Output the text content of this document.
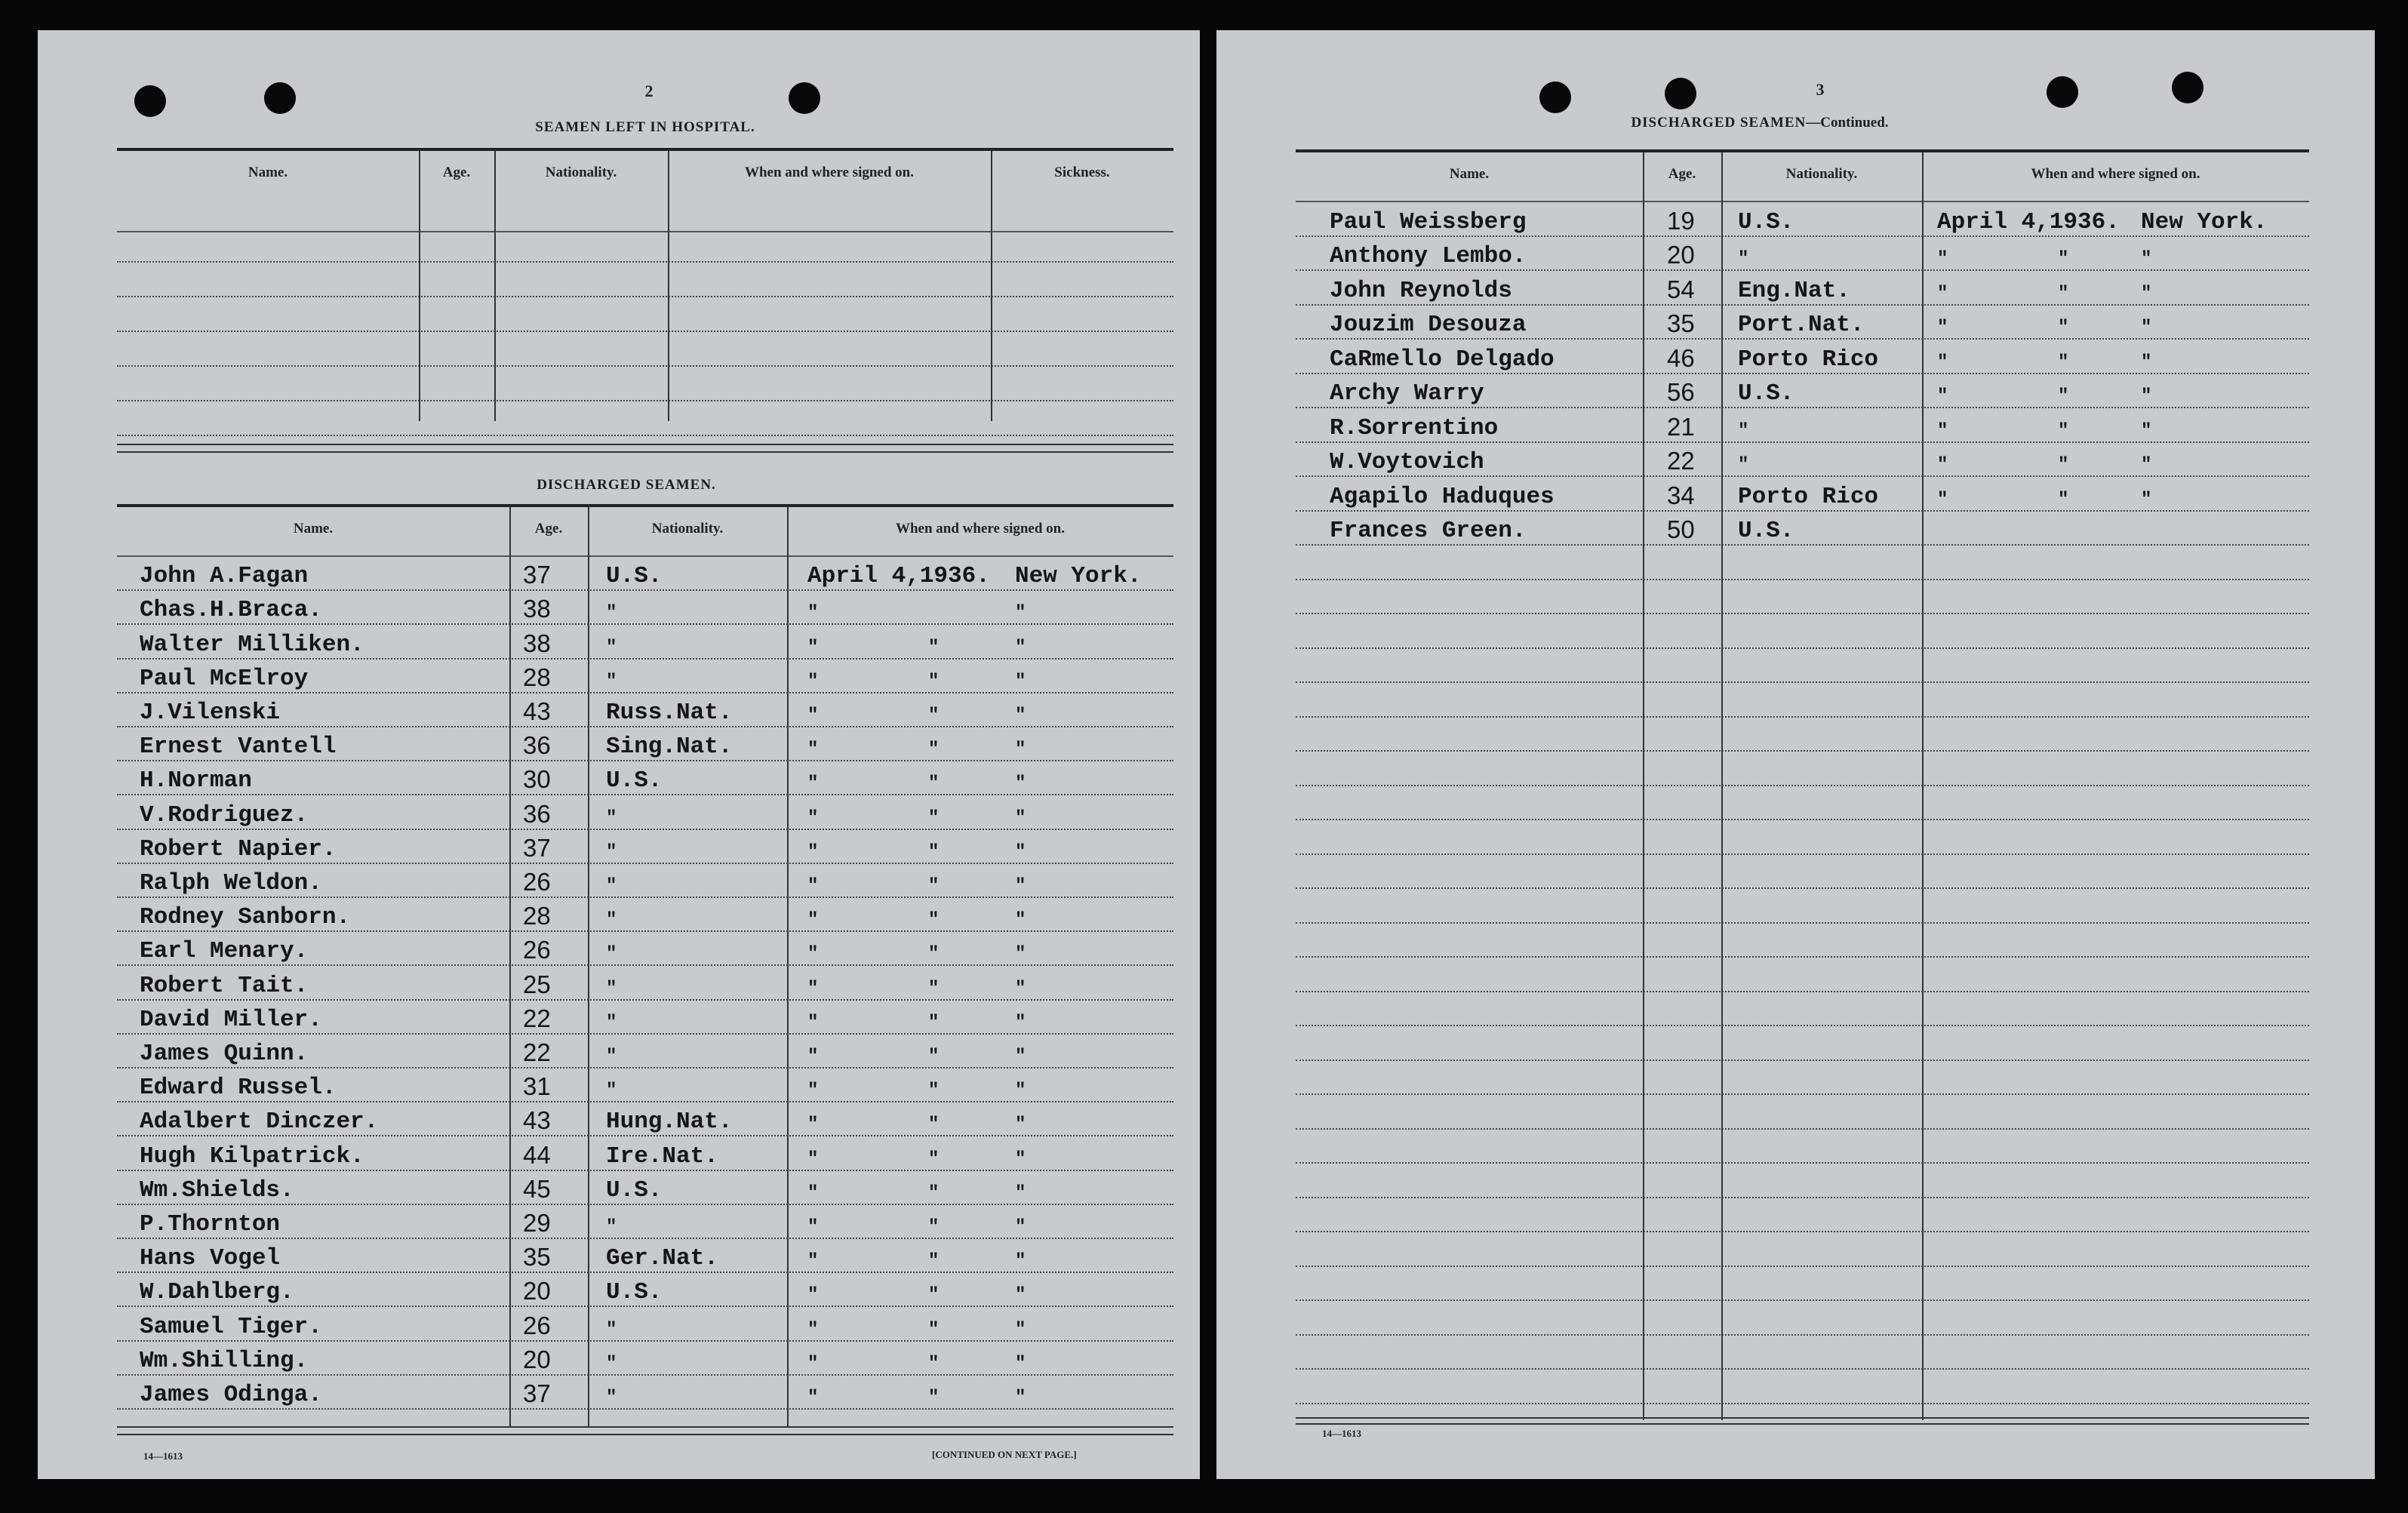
2
SEAMEN LEFT IN HOSPITAL.
Name.	Age.	Nationality.	When and where signed on.	Sickness.
DISCHARGED SEAMEN.
Name.	Age.	Nationality.	When and where signed on.
John A.Fagan	37 U.S.	April 4,1936. New York.
Chas.H.Braca.	38	"	"	"
Walter Milliken.	38	"	"	"	"
Paul McElroy	28	"	"	"	"
J.Vilenski	43 Russ.Nat.	"	"	"
Ernest Vantell	36 Sing.Nat.	"	"	"
H.Norman	30 U.S.	"	"	"
V.Rodriguez.	36	"	"	"	"
Robert Napier.	37	"	"	"	"
Ralph Weldon.	26	"	"	"	"
Rodney Sanborn.	28	"	"	"	"
Earl Menary.	26	"	"	"	"
Robert Tait.	25	"	"	"	"
David Miller.	22	"	"	"	"
James Quinn.	22	"	"	"	"
Edward Russel.	31	"	"	"	"
Adalbert Dinczer.	43 Hung.Nat.	"	"	"
Hugh Kilpatrick.	44 Ire.Nat.	"	"	"
Wm.Shields.	45 U.S.	"	"	"
P.Thornton	29	"	"	"	"
Hans Vogel	35 Ger.Nat.	"	"	"
W.Dahlberg.	20 U.S.	"	"	"
Samuel Tiger.	26	"	"	"	"
Wm.Shilling.	20	"	"	"	"
James Odinga.	37	"	"	"	"
14—1613	[CONTINUED ON NEXT PAGE.]
3
DISCHARGED SEAMEN—Continued.
Name.	Age.	Nationality.	When and where signed on.
Paul Weissberg	19 U.S.	April 4,1936. New York.
Anthony Lembo.	20 "	"	"	"
John Reynolds	54 Eng.Nat.	"	"	"
Jouzim Desouza	35 Port.Nat.	"	"	"
CaRmello Delgado	46 Porto Rico	"	"	"
Archy Warry	56 U.S.	"	"	"
R.Sorrentino	21 "	"	"	"
W.Voytovich	22 "	"	"	"
Agapilo Haduques	34 Porto Rico	"	"	"
Frances Green.	50 U.S.
14—1613
